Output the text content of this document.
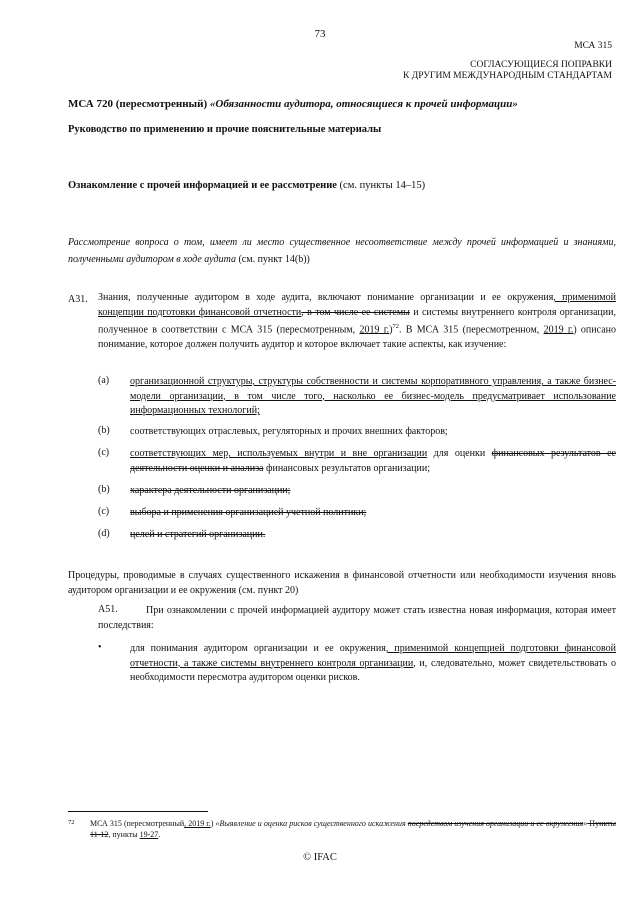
73
МСА 315
СОГЛАСУЮЩИЕСЯ ПОПРАВКИ
К ДРУГИМ МЕЖДУНАРОДНЫМ СТАНДАРТАМ
МСА 720 (пересмотренный) «Обязанности аудитора, относящиеся к прочей информации»
Руководство по применению и прочие пояснительные материалы
Ознакомление с прочей информацией и ее рассмотрение (см. пункты 14–15)
Рассмотрение вопроса о том, имеет ли место существенное несоответствие между прочей информацией и знаниями, полученными аудитором в ходе аудита (см. пункт 14(b))
A31. Знания, полученные аудитором в ходе аудита, включают понимание организации и ее окружения, применимой концепции подготовки финансовой отчетности, в том числе ее системы и системы внутреннего контроля организации, полученное в соответствии с МСА 315 (пересмотренным, 2019 г.)$^{72}$. В МСА 315 (пересмотренном, 2019 г.) описано понимание, которое должен получить аудитор и которое включает такие аспекты, как изучение:
(a) организационной структуры, структуры собственности и системы корпоративного управления, а также бизнес-модели организации, в том числе того, насколько ее бизнес-модель предусматривает использование информационных технологий;
(b) соответствующих отраслевых, регуляторных и прочих внешних факторов;
(c) соответствующих мер, используемых внутри и вне организации для оценки финансовых результатов ее деятельности оценки и анализа финансовых результатов организации;
(b) характера деятельности организации;
(c) выбора и применения организацией учетной политики;
(d) целей и стратегий организации.
Процедуры, проводимые в случаях существенного искажения в финансовой отчетности или необходимости изучения вновь аудитором организации и ее окружения (см. пункт 20)
А51.	При ознакомлении с прочей информацией аудитору может стать известна новая информация, которая имеет последствия:
•	для понимания аудитором организации и ее окружения, применимой концепцией подготовки финансовой отчетности, а также системы внутреннего контроля организации, и, следовательно, может свидетельствовать о необходимости пересмотра аудитором оценки рисков.
72 МСА 315 (пересмотренный, 2019 г.) «Выявление и оценка рисков существенного искажения посредством изучения организации и ее окружения» Пункты 11-12, пункты 19-27.
© IFAC
